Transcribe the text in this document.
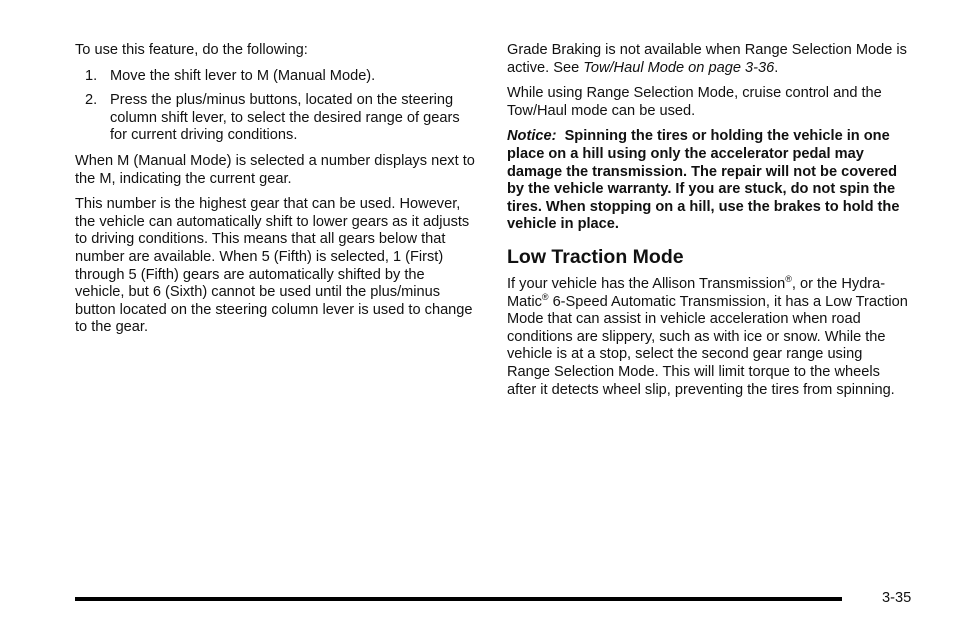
To use this feature, do the following:

1. Move the shift lever to M (Manual Mode).
2. Press the plus/minus buttons, located on the steering column shift lever, to select the desired range of gears for current driving conditions.

When M (Manual Mode) is selected a number displays next to the M, indicating the current gear.

This number is the highest gear that can be used. However, the vehicle can automatically shift to lower gears as it adjusts to driving conditions. This means that all gears below that number are available. When 5 (Fifth) is selected, 1 (First) through 5 (Fifth) gears are automatically shifted by the vehicle, but 6 (Sixth) cannot be used until the plus/minus button located on the steering column lever is used to change to the gear.

Grade Braking is not available when Range Selection Mode is active. See Tow/Haul Mode on page 3-36.

While using Range Selection Mode, cruise control and the Tow/Haul mode can be used.

Notice: Spinning the tires or holding the vehicle in one place on a hill using only the accelerator pedal may damage the transmission. The repair will not be covered by the vehicle warranty. If you are stuck, do not spin the tires. When stopping on a hill, use the brakes to hold the vehicle in place.

Low Traction Mode

If your vehicle has the Allison Transmission®, or the Hydra-Matic® 6-Speed Automatic Transmission, it has a Low Traction Mode that can assist in vehicle acceleration when road conditions are slippery, such as with ice or snow. While the vehicle is at a stop, select the second gear range using Range Selection Mode. This will limit torque to the wheels after it detects wheel slip, preventing the tires from spinning.

3-35
